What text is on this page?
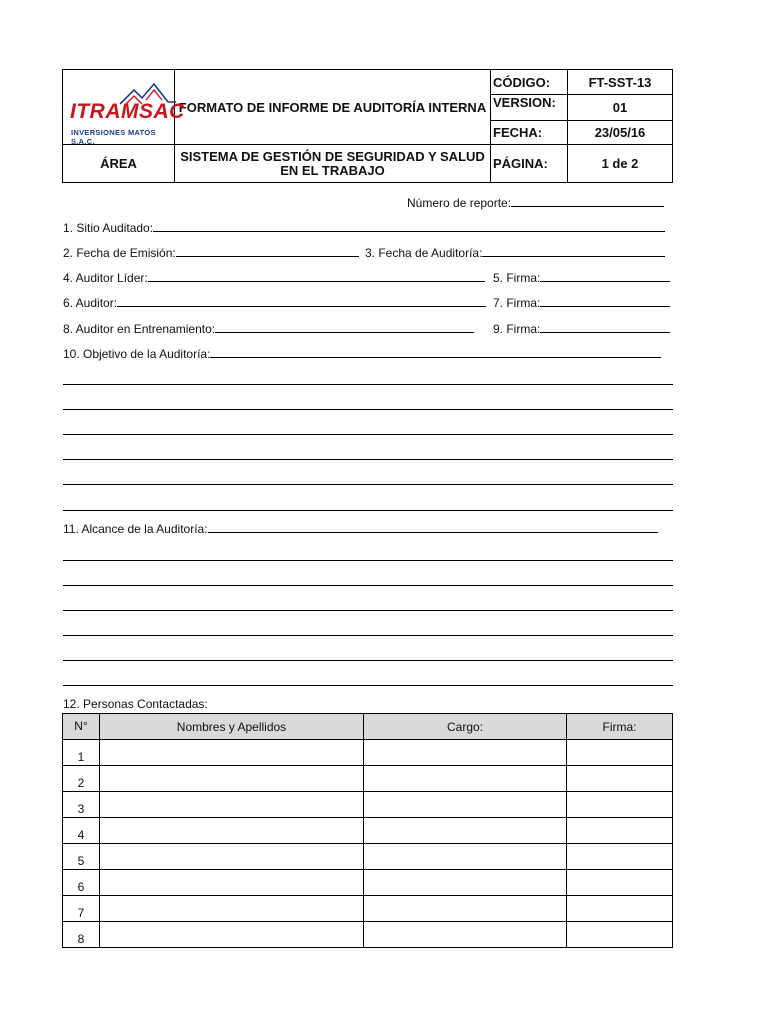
ITRAMSAC
INVERSIONES MATOS S.A.C.	FORMATO DE INFORME DE AUDITORÍA INTERNA	CÓDIGO:	FT-SST-13
		VERSION:	01
		FECHA:	23/05/16
ÁREA	SISTEMA DE GESTIÓN DE SEGURIDAD Y SALUD EN EL TRABAJO	PÁGINA:	1 de 2
Número de reporte:
1. Sitio Auditado:
2. Fecha de Emisión:	3. Fecha de Auditoría:
4. Auditor Líder:	5. Firma:
6. Auditor:	7. Firma:
8. Auditor en Entrenamiento:	9. Firma:
10. Objetivo de la Auditoría:
11. Alcance de la Auditoría:
12. Personas Contactadas:
N°	Nombres y Apellidos	Cargo:	Firma:
1			
2			
3			
4			
5			
6			
7			
8			
